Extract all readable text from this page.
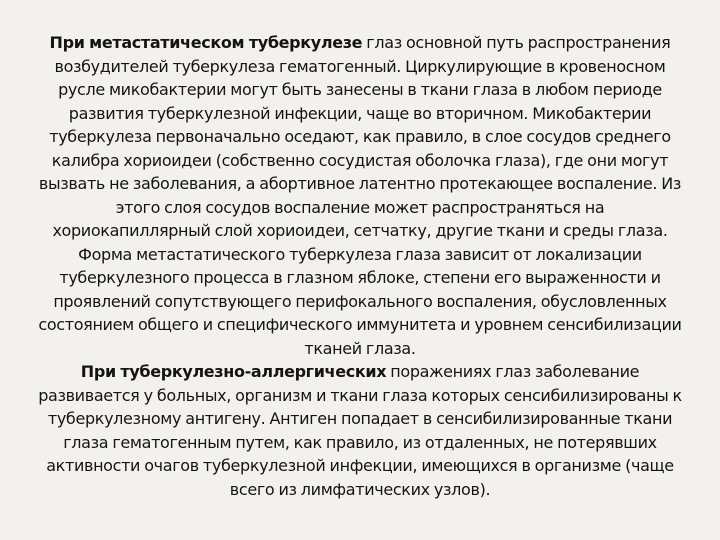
При метастатическом туберкулезе глаз основной путь распространения возбудителей туберкулеза гематогенный. Циркулирующие в кровеносном русле микобактерии могут быть занесены в ткани глаза в любом периоде развития туберкулезной инфекции, чаще во вторичном. Микобактерии туберкулеза первоначально оседают, как правило, в слое сосудов среднего калибра хориоидеи (собственно сосудистая оболочка глаза), где они могут вызвать не заболевания, а абортивное латентно протекающее воспаление. Из этого слоя сосудов воспаление может распространяться на хориокапиллярный слой хориоидеи, сетчатку, другие ткани и среды глаза. Форма метастатического туберкулеза глаза зависит от локализации туберкулезного процесса в глазном яблоке, степени его выраженности и проявлений сопутствующего перифокального воспаления, обусловленных состоянием общего и специфического иммунитета и уровнем сенсибилизации тканей глаза.

При туберкулезно-аллергических поражениях глаз заболевание развивается у больных, организм и ткани глаза которых сенсибилизированы к туберкулезному антигену. Антиген попадает в сенсибилизированные ткани глаза гематогенным путем, как правило, из отдаленных, не потерявших активности очагов туберкулезной инфекции, имеющихся в организме (чаще всего из лимфатических узлов).
